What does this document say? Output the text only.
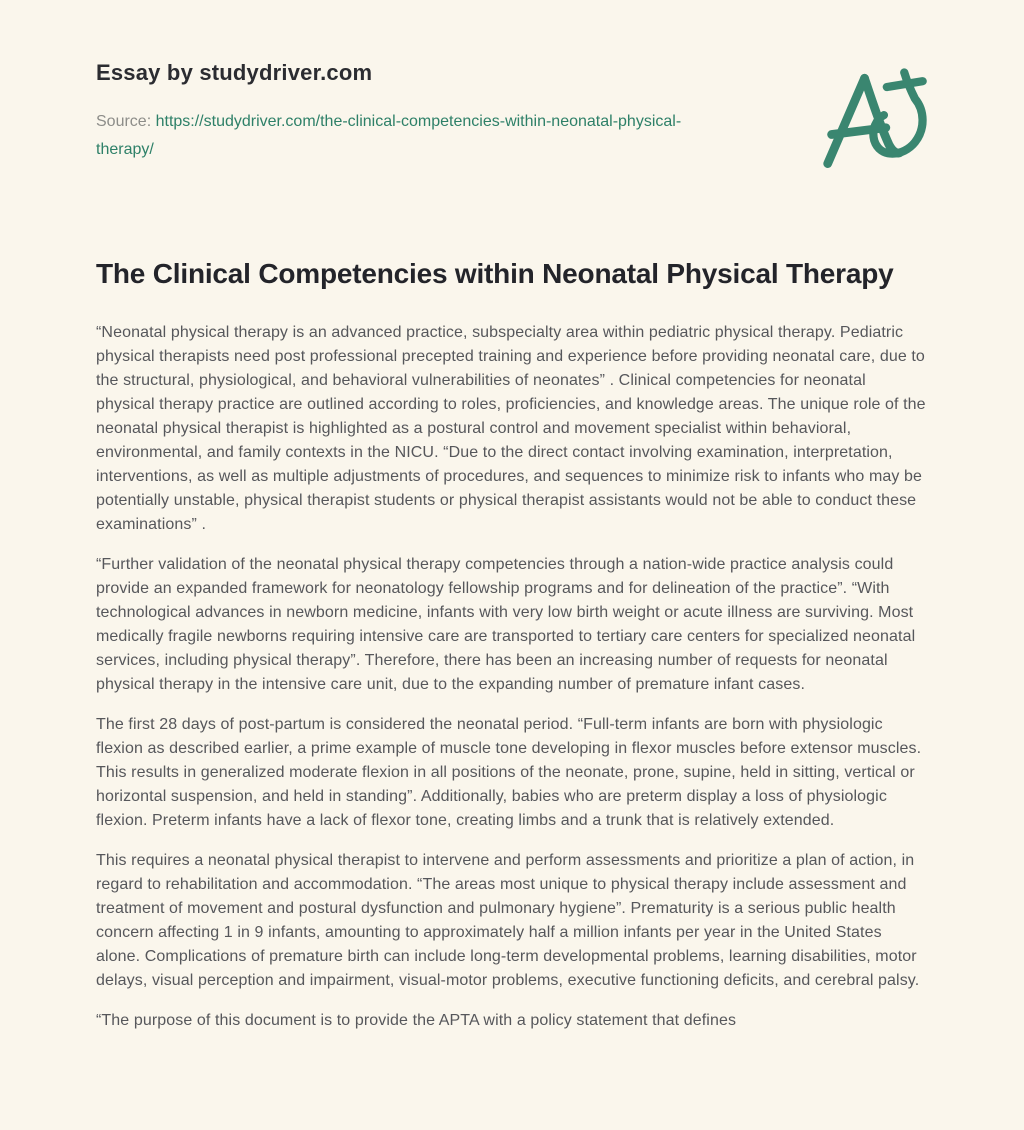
Essay by studydriver.com
Source: https://studydriver.com/the-clinical-competencies-within-neonatal-physical-therapy/
The Clinical Competencies within Neonatal Physical Therapy

“Neonatal physical therapy is an advanced practice, subspecialty area within pediatric physical therapy. Pediatric physical therapists need post professional precepted training and experience before providing neonatal care, due to the structural, physiological, and behavioral vulnerabilities of neonates” . Clinical competencies for neonatal physical therapy practice are outlined according to roles, proficiencies, and knowledge areas. The unique role of the neonatal physical therapist is highlighted as a postural control and movement specialist within behavioral, environmental, and family contexts in the NICU. “Due to the direct contact involving examination, interpretation, interventions, as well as multiple adjustments of procedures, and sequences to minimize risk to infants who may be potentially unstable, physical therapist students or physical therapist assistants would not be able to conduct these examinations” .

“Further validation of the neonatal physical therapy competencies through a nation-wide practice analysis could provide an expanded framework for neonatology fellowship programs and for delineation of the practice”. “With technological advances in newborn medicine, infants with very low birth weight or acute illness are surviving. Most medically fragile newborns requiring intensive care are transported to tertiary care centers for specialized neonatal services, including physical therapy”. Therefore, there has been an increasing number of requests for neonatal physical therapy in the intensive care unit, due to the expanding number of premature infant cases.

The first 28 days of post-partum is considered the neonatal period. “Full-term infants are born with physiologic flexion as described earlier, a prime example of muscle tone developing in flexor muscles before extensor muscles. This results in generalized moderate flexion in all positions of the neonate, prone, supine, held in sitting, vertical or horizontal suspension, and held in standing”. Additionally, babies who are preterm display a loss of physiologic flexion. Preterm infants have a lack of flexor tone, creating limbs and a trunk that is relatively extended.

This requires a neonatal physical therapist to intervene and perform assessments and prioritize a plan of action, in regard to rehabilitation and accommodation. “The areas most unique to physical therapy include assessment and treatment of movement and postural dysfunction and pulmonary hygiene”. Prematurity is a serious public health concern affecting 1 in 9 infants, amounting to approximately half a million infants per year in the United States alone. Complications of premature birth can include long-term developmental problems, learning disabilities, motor delays, visual perception and impairment, visual-motor problems, executive functioning deficits, and cerebral palsy.

“The purpose of this document is to provide the APTA with a policy statement that defines
